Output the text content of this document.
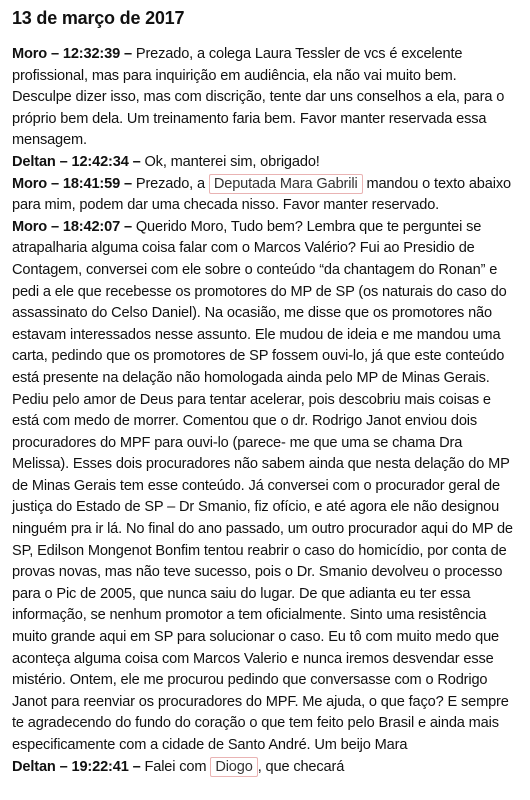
13 de março de 2017

Moro – 12:32:39 – Prezado, a colega Laura Tessler de vcs é excelente profissional, mas para inquirição em audiência, ela não vai muito bem. Desculpe dizer isso, mas com discrição, tente dar uns conselhos a ela, para o próprio bem dela. Um treinamento faria bem. Favor manter reservada essa mensagem.

Deltan – 12:42:34 – Ok, manterei sim, obrigado!

Moro – 18:41:59 – Prezado, a Deputada Mara Gabrili mandou o texto abaixo para mim, podem dar uma checada nisso. Favor manter reservado.

Moro – 18:42:07 – Querido Moro, Tudo bem? Lembra que te perguntei se atrapalharia alguma coisa falar com o Marcos Valério? Fui ao Presidio de Contagem, conversei com ele sobre o conteúdo “da chantagem do Ronan” e pedi a ele que recebesse os promotores do MP de SP (os naturais do caso do assassinato do Celso Daniel). Na ocasião, me disse que os promotores não estavam interessados nesse assunto. Ele mudou de ideia e me mandou uma carta, pedindo que os promotores de SP fossem ouvi-lo, já que este conteúdo está presente na delação não homologada ainda pelo MP de Minas Gerais. Pediu pelo amor de Deus para tentar acelerar, pois descobriu mais coisas e está com medo de morrer. Comentou que o dr. Rodrigo Janot enviou dois procuradores do MPF para ouvi-lo (parece- me que uma se chama Dra Melissa). Esses dois procuradores não sabem ainda que nesta delação do MP de Minas Gerais tem esse conteúdo. Já conversei com o procurador geral de justiça do Estado de SP – Dr Smanio, fiz ofício, e até agora ele não designou ninguém pra ir lá. No final do ano passado, um outro procurador aqui do MP de SP, Edilson Mongenot Bonfim tentou reabrir o caso do homicídio, por conta de provas novas, mas não teve sucesso, pois o Dr. Smanio devolveu o processo para o Pic de 2005, que nunca saiu do lugar. De que adianta eu ter essa informação, se nenhum promotor a tem oficialmente. Sinto uma resistência muito grande aqui em SP para solucionar o caso. Eu tô com muito medo que aconteça alguma coisa com Marcos Valerio e nunca iremos desvendar esse mistério. Ontem, ele me procurou pedindo que conversasse com o Rodrigo Janot para reenviar os procuradores do MPF. Me ajuda, o que faço? E sempre te agradecendo do fundo do coração o que tem feito pelo Brasil e ainda mais especificamente com a cidade de Santo André. Um beijo Mara

Deltan – 19:22:41 – Falei com Diogo , que checará
